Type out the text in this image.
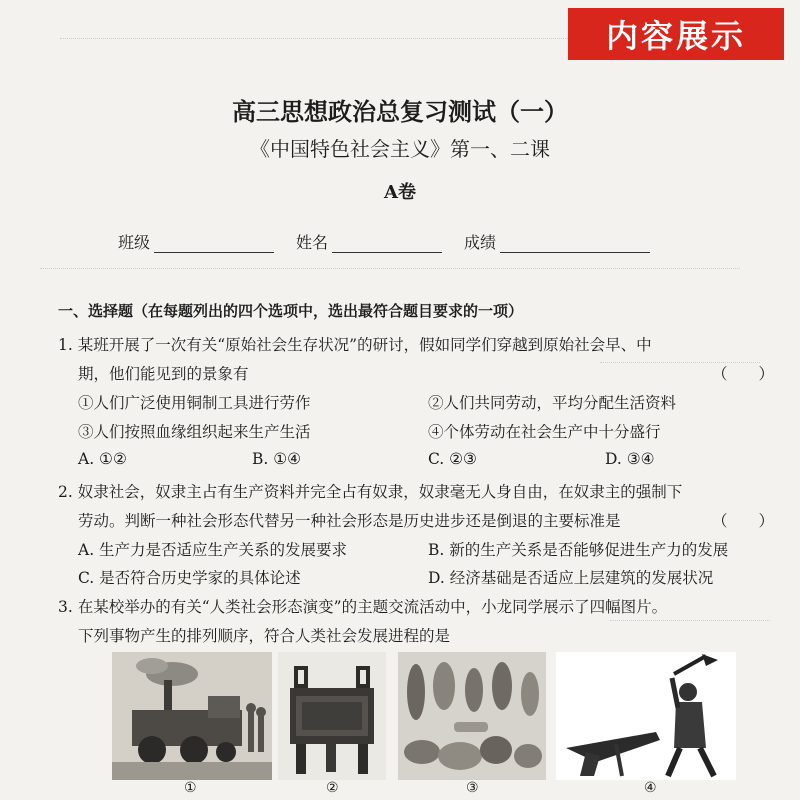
内容展示
高三思想政治总复习测试（一）
《中国特色社会主义》第一、二课
A卷
班级	姓名	成绩
一、选择题（在每题列出的四个选项中，选出最符合题目要求的一项）
1. 某班开展了一次有关“原始社会生存状况”的研讨，假如同学们穿越到原始社会早、中
期，他们能见到的景象有	（　　）
①人们广泛使用铜制工具进行劳作	②人们共同劳动，平均分配生活资料
③人们按照血缘组织起来生产生活	④个体劳动在社会生产中十分盛行
A. ①②	B. ①④	C. ②③	D. ③④
2. 奴隶社会，奴隶主占有生产资料并完全占有奴隶，奴隶毫无人身自由，在奴隶主的强制下
劳动。判断一种社会形态代替另一种社会形态是历史进步还是倒退的主要标准是	（　　）
A. 生产力是否适应生产关系的发展要求	B. 新的生产关系是否能够促进生产力的发展
C. 是否符合历史学家的具体论述	D. 经济基础是否适应上层建筑的发展状况
3. 在某校举办的有关“人类社会形态演变”的主题交流活动中，小龙同学展示了四幅图片。
下列事物产生的排列顺序，符合人类社会发展进程的是
①	②	③	④
